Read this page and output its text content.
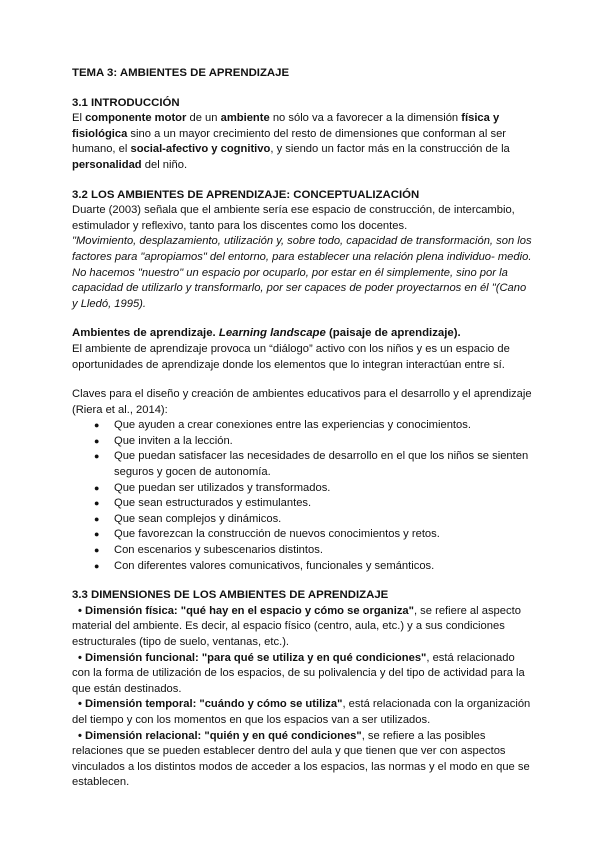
TEMA 3: AMBIENTES DE APRENDIZAJE

3.1 INTRODUCCIÓN

El componente motor de un ambiente no sólo va a favorecer a la dimensión física y fisiológica sino a un mayor crecimiento del resto de dimensiones que conforman al ser humano, el social-afectivo y cognitivo, y siendo un factor más en la construcción de la personalidad del niño.

3.2 LOS AMBIENTES DE APRENDIZAJE: CONCEPTUALIZACIÓN

Duarte (2003) señala que el ambiente sería ese espacio de construcción, de intercambio, estimulador y reflexivo, tanto para los discentes como los docentes.

"Movimiento, desplazamiento, utilización y, sobre todo, capacidad de transformación, son los factores para "apropiamos" del entorno, para establecer una relación plena individuo- medio. No hacemos "nuestro" un espacio por ocuparlo, por estar en él simplemente, sino por la capacidad de utilizarlo y transformarlo, por ser capaces de poder proyectarnos en él "(Cano y Lledó, 1995).

Ambientes de aprendizaje. Learning landscape (paisaje de aprendizaje).

El ambiente de aprendizaje provoca un “diálogo” activo con los niños y es un espacio de oportunidades de aprendizaje donde los elementos que lo integran interactúan entre sí.

Claves para el diseño y creación de ambientes educativos para el desarrollo y el aprendizaje (Riera et al., 2014):

● Que ayuden a crear conexiones entre las experiencias y conocimientos.
● Que inviten a la lección.
● Que puedan satisfacer las necesidades de desarrollo en el que los niños se sienten seguros y gocen de autonomía.
● Que puedan ser utilizados y transformados.
● Que sean estructurados y estimulantes.
● Que sean complejos y dinámicos.
● Que favorezcan la construcción de nuevos conocimientos y retos.
● Con escenarios y subescenarios distintos.
● Con diferentes valores comunicativos, funcionales y semánticos.

3.3 DIMENSIONES DE LOS AMBIENTES DE APRENDIZAJE

• Dimensión física: "qué hay en el espacio y cómo se organiza", se refiere al aspecto material del ambiente. Es decir, al espacio físico (centro, aula, etc.) y a sus condiciones estructurales (tipo de suelo, ventanas, etc.).

• Dimensión funcional: "para qué se utiliza y en qué condiciones", está relacionado con la forma de utilización de los espacios, de su polivalencia y del tipo de actividad para la que están destinados.

• Dimensión temporal: "cuándo y cómo se utiliza", está relacionada con la organización del tiempo y con los momentos en que los espacios van a ser utilizados.

• Dimensión relacional: "quién y en qué condiciones", se refiere a las posibles relaciones que se pueden establecer dentro del aula y que tienen que ver con aspectos vinculados a los distintos modos de acceder a los espacios, las normas y el modo en que se establecen.
